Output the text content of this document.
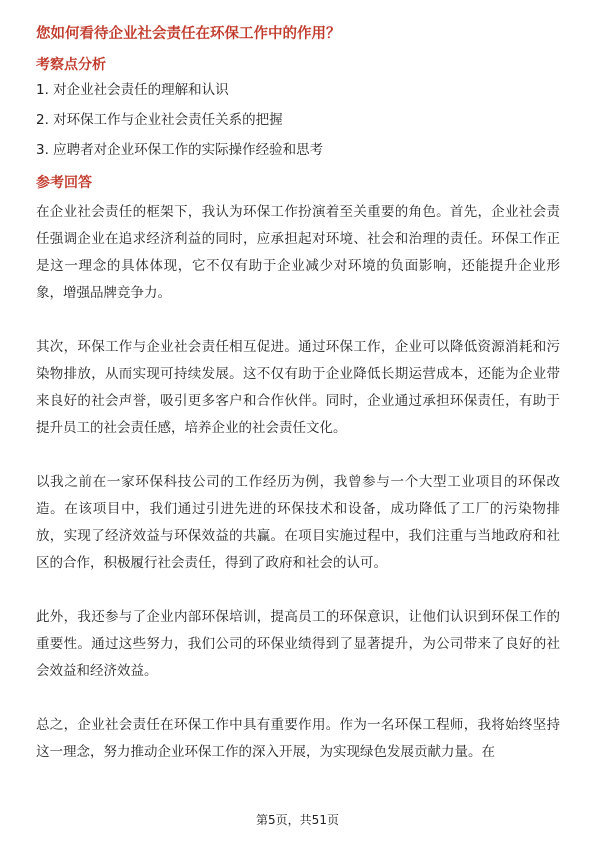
您如何看待企业社会责任在环保工作中的作用？
考察点分析
1. 对企业社会责任的理解和认识
2. 对环保工作与企业社会责任关系的把握
3. 应聘者对企业环保工作的实际操作经验和思考
参考回答

在企业社会责任的框架下，我认为环保工作扮演着至关重要的角色。首先，企业社会责任强调企业在追求经济利益的同时，应承担起对环境、社会和治理的责任。环保工作正是这一理念的具体体现，它不仅有助于企业减少对环境的负面影响，还能提升企业形象，增强品牌竞争力。

其次，环保工作与企业社会责任相互促进。通过环保工作，企业可以降低资源消耗和污染物排放，从而实现可持续发展。这不仅有助于企业降低长期运营成本，还能为企业带来良好的社会声誉，吸引更多客户和合作伙伴。同时，企业通过承担环保责任，有助于提升员工的社会责任感，培养企业的社会责任文化。

以我之前在一家环保科技公司的工作经历为例，我曾参与一个大型工业项目的环保改造。在该项目中，我们通过引进先进的环保技术和设备，成功降低了工厂的污染物排放，实现了经济效益与环保效益的共赢。在项目实施过程中，我们注重与当地政府和社区的合作，积极履行社会责任，得到了政府和社会的认可。

此外，我还参与了企业内部环保培训，提高员工的环保意识，让他们认识到环保工作的重要性。通过这些努力，我们公司的环保业绩得到了显著提升，为公司带来了良好的社会效益和经济效益。

总之，企业社会责任在环保工作中具有重要作用。作为一名环保工程师，我将始终坚持这一理念，努力推动企业环保工作的深入开展，为实现绿色发展贡献力量。在

第5页，共51页
